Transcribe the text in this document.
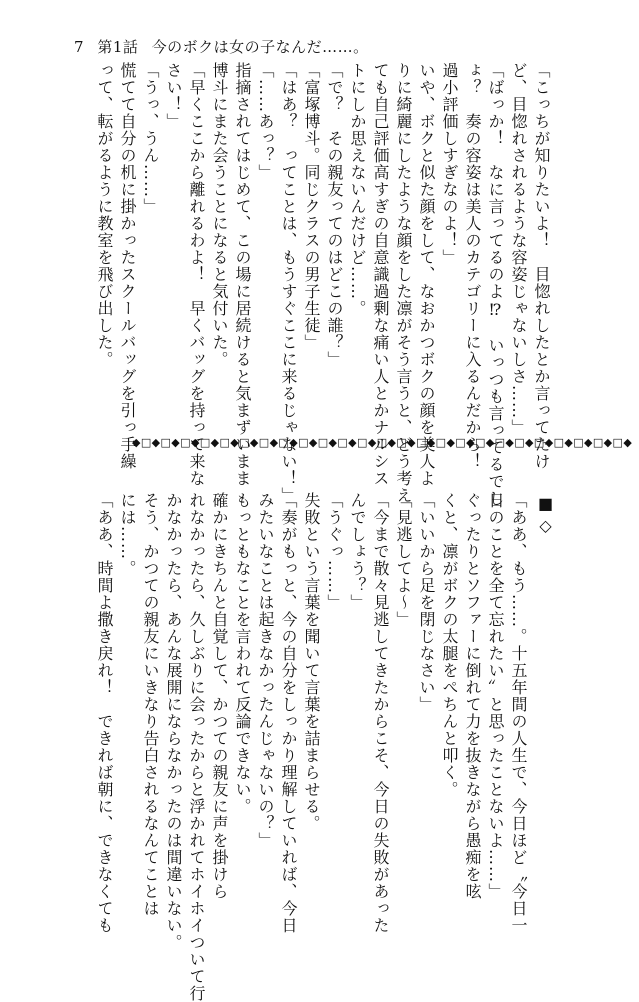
7 第1話 今のボクは女の子なんだ……。
「こっちが知りたいよ！　目惚れしたとか言ってたけ
ど、目惚れされるような容姿じゃないしさ……」
「ばっか！　なに言ってるのよ⁉　いっつも言ってるでし
ょ？　奏の容姿は美人のカテゴリーに入るんだから！
過小評価しすぎなのよ！」
いや、ボクと似た顔をして、なおかつボクの顔を美人よ
りに綺麗にしたような顔をした凛がそう言うと、どう考え
ても自己評価高すぎの自意識過剰な痛い人とかナルシス
トにしか思えないんだけど……。
「で？　その親友ってのはどこの誰？」
「富塚博斗。同じクラスの男子生徒」
「はあ？　ってことは、もうすぐここに来るじゃない！」
「……あっ？」
指摘されてはじめて、この場に居続けると気まずいまま
博斗にまた会うことになると気付いた。
「早くここから離れるわよ！　早くバッグを持って来な
さい！」
「うっ、うん……」
慌てて自分の机に掛かったスクールバッグを引っ手繰
って、転がるように教室を飛び出した。
◆□◆□◆□◆□◆□◆□◆□◆□◆□◆□◆□◆□◆□◆□◆□◆□◆□◆□◆□◆□◆□◆□◆□◆□◆□◆
■◇
「ああ、もう……。十五年間の人生で、今日ほど〝今日一
日のことを全て忘れたい〟と思ったことないよ……」
ぐったりとソファーに倒れて力を抜きながら愚痴を呟
くと、凛がボクの太腿をぺちんと叩く。
「いいから足を閉じなさい」
「見逃してよ～」
「今まで散々見逃してきたからこそ、今日の失敗があった
んでしょう？」
「うぐっ……」
失敗という言葉を聞いて言葉を詰まらせる。
「奏がもっと、今の自分をしっかり理解していれば、今日
みたいなことは起きなかったんじゃないの？」
もっともなことを言われて反論できない。
確かにきちんと自覚して、かつての親友に声を掛けら
れなかったら、久しぶりに会ったからと浮かれてホイホイついて行
かなかったら、あんな展開にならなかったのは間違いない。
そう、かつての親友にいきなり告白されるなんてことは
には……。
「ああ、時間よ撒き戻れ！　できれば朝に、できなくても
